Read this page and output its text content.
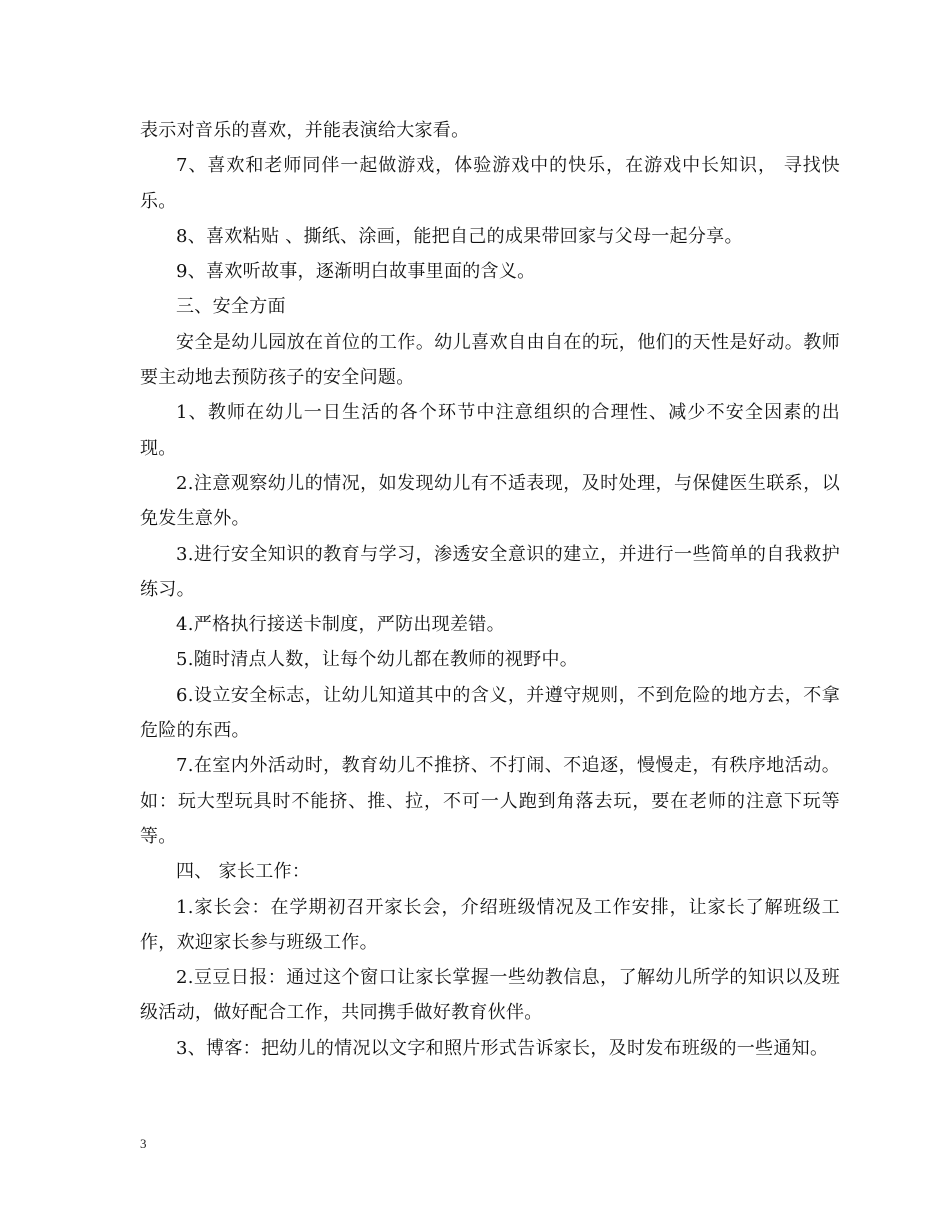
表示对音乐的喜欢，并能表演给大家看。

7、喜欢和老师同伴一起做游戏，体验游戏中的快乐，在游戏中长知识， 寻找快乐。

8、喜欢粘贴 、撕纸、涂画，能把自己的成果带回家与父母一起分享。

9、喜欢听故事，逐渐明白故事里面的含义。

三、安全方面

安全是幼儿园放在首位的工作。幼儿喜欢自由自在的玩，他们的天性是好动。教师要主动地去预防孩子的安全问题。

1、教师在幼儿一日生活的各个环节中注意组织的合理性、减少不安全因素的出现。

2.注意观察幼儿的情况，如发现幼儿有不适表现，及时处理，与保健医生联系，以免发生意外。

3.进行安全知识的教育与学习，渗透安全意识的建立，并进行一些简单的自我救护练习。

4.严格执行接送卡制度，严防出现差错。

5.随时清点人数，让每个幼儿都在教师的视野中。

6.设立安全标志，让幼儿知道其中的含义，并遵守规则，不到危险的地方去，不拿危险的东西。

7.在室内外活动时，教育幼儿不推挤、不打闹、不追逐，慢慢走，有秩序地活动。如：玩大型玩具时不能挤、推、拉，不可一人跑到角落去玩，要在老师的注意下玩等等。

四、 家长工作：

1.家长会：在学期初召开家长会，介绍班级情况及工作安排，让家长了解班级工作，欢迎家长参与班级工作。

2.豆豆日报：通过这个窗口让家长掌握一些幼教信息，了解幼儿所学的知识以及班级活动，做好配合工作，共同携手做好教育伙伴。

3、博客：把幼儿的情况以文字和照片形式告诉家长，及时发布班级的一些通知。

3
